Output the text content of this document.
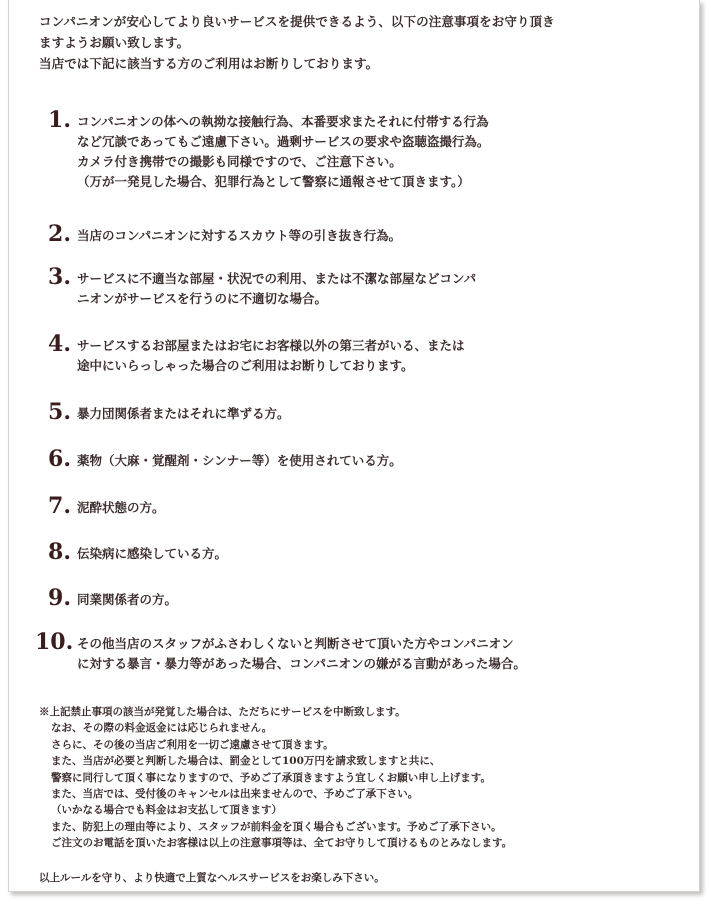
コンパニオンが安心してより良いサービスを提供できるよう、以下の注意事項をお守り頂き

ますようお願い致します。

当店では下記に該当する方のご利用はお断りしております。

1. コンパニオンの体への執拗な接触行為、本番要求またそれに付帯する行為
など冗談であってもご遠慮下さい。過剰サービスの要求や盗聴盗撮行為。
カメラ付き携帯での撮影も同様ですので、ご注意下さい。
（万が一発見した場合、犯罪行為として警察に通報させて頂きます。）
2. 当店のコンパニオンに対するスカウト等の引き抜き行為。
3. サービスに不適当な部屋・状況での利用、または不潔な部屋などコンパ
ニオンがサービスを行うのに不適切な場合。
4. サービスするお部屋またはお宅にお客様以外の第三者がいる、または
途中にいらっしゃった場合のご利用はお断りしております。
5. 暴力団関係者またはそれに準ずる方。
6. 薬物（大麻・覚醒剤・シンナー等）を使用されている方。
7. 泥酔状態の方。
8. 伝染病に感染している方。
9. 同業関係者の方。
10. その他当店のスタッフがふさわしくないと判断させて頂いた方やコンパニオン
に対する暴言・暴力等があった場合、コンパニオンの嫌がる言動があった場合。
※上記禁止事項の該当が発覚した場合は、ただちにサービスを中断致します。
なお、その際の料金返金には応じられません。
さらに、その後の当店ご利用を一切ご遠慮させて頂きます。
また、当店が必要と判断した場合は、罰金として100万円を請求致しますと共に、
警察に同行して頂く事になりますので、予めご了承頂きますよう宜しくお願い申し上げます。
また、当店では、受付後のキャンセルは出来ませんので、予めご了承下さい。
（いかなる場合でも料金はお支払して頂きます）
また、防犯上の理由等により、スタッフが前料金を頂く場合もございます。予めご了承下さい。
ご注文のお電話を頂いたお客様は以上の注意事項等は、全てお守りして頂けるものとみなします。
以上ルールを守り、より快適で上質なヘルスサービスをお楽しみ下さい。
